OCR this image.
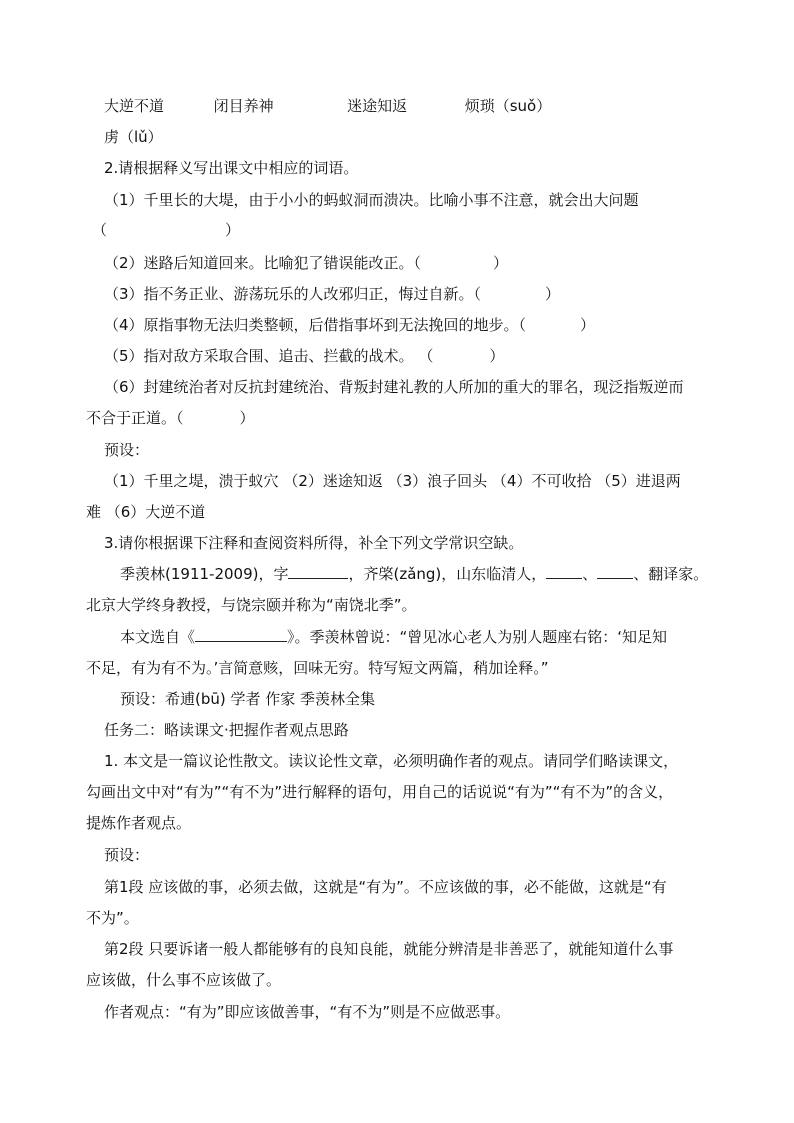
大逆不道	闭目养神	迷途知返	烦琐（suǒ）
虏（lǔ）
2.请根据释义写出课文中相应的词语。
（1）千里长的大堤，由于小小的蚂蚁洞而溃决。比喻小事不注意，就会出大问题
（	）
（2）迷路后知道回来。比喻犯了错误能改正。（	）
（3）指不务正业、游荡玩乐的人改邪归正，悔过自新。（	）
（4）原指事物无法归类整顿，后借指事坏到无法挽回的地步。（	）
（5）指对敌方采取合围、追击、拦截的战术。 （	）
（6）封建统治者对反抗封建统治、背叛封建礼教的人所加的重大的罪名，现泛指叛逆而
不合于正道。（	）
预设：
（1）千里之堤，溃于蚁穴 （2）迷途知返 （3）浪子回头 （4）不可收拾 （5）进退两
难 （6）大逆不道
3.请你根据课下注释和查阅资料所得，补全下列文学常识空缺。
季羡林(1911-2009)，字	，齐棨(zǎng)，山东临清人， 、 、翻译家。
北京大学终身教授，与饶宗颐并称为“南饶北季”。
本文选自《	》。季羡林曾说：“曾见冰心老人为别人题座右铭：‘知足知
不足，有为有不为。’言简意赅，回味无穷。特写短文两篇，稍加诠释。”
预设：希逋(bū) 学者 作家 季羡林全集
任务二：略读课文·把握作者观点思路
1. 本文是一篇议论性散文。读议论性文章，必须明确作者的观点。请同学们略读课文，
勾画出文中对“有为”“有不为”进行解释的语句，用自己的话说说“有为”“有不为”的含义，
提炼作者观点。
预设：
第1段 应该做的事，必须去做，这就是“有为”。不应该做的事，必不能做，这就是“有
不为”。
第2段 只要诉诸一般人都能够有的良知良能，就能分辨清是非善恶了，就能知道什么事
应该做，什么事不应该做了。
作者观点：“有为”即应该做善事，“有不为”则是不应做恶事。
